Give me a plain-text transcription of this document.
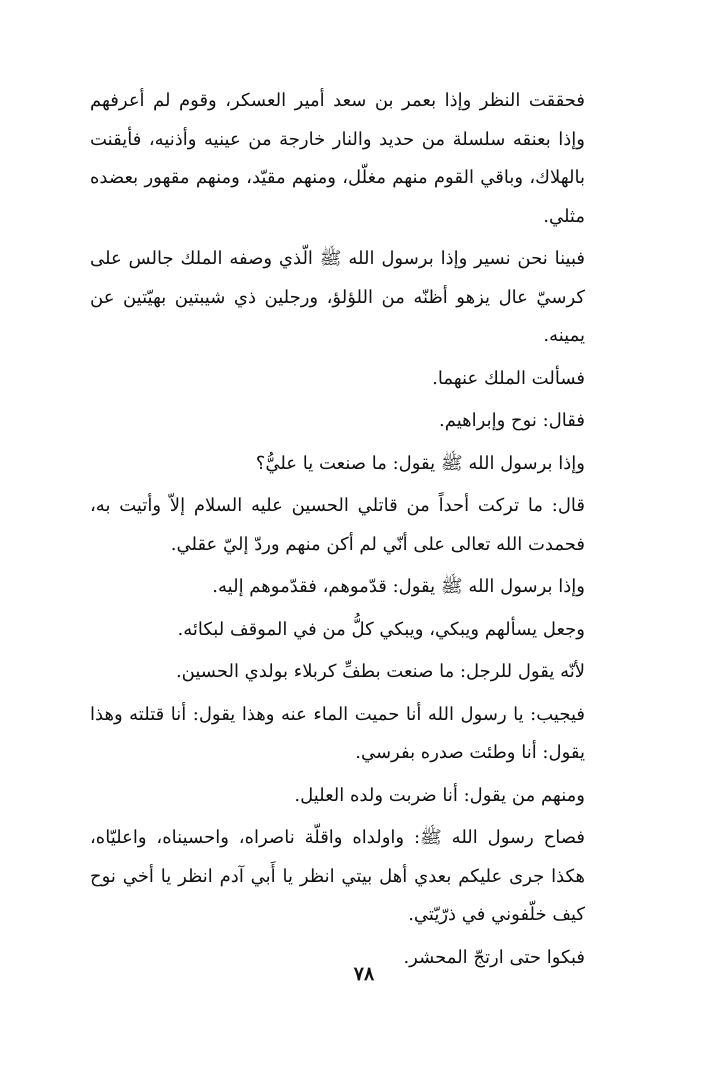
فحققت النظر وإذا بعمر بن سعد أمير العسكر، وقوم لم أعرفهم وإذا بعنقه سلسلة من حديد والنار خارجة من عينيه وأذنيه، فأيقنت بالهلاك، وباقي القوم منهم مغلّل، ومنهم مقيّد، ومنهم مقهور بعضده مثلي.

فبينا نحن نسير وإذا برسول الله ﷺ الّذي وصفه الملك جالس على كرسيّ عال يزهو أظنّه من اللؤلؤ، ورجلين ذي شيبتين بهيّتين عن يمينه.

فسألت الملك عنهما.

فقال: نوح وإبراهيم.

وإذا برسول الله ﷺ يقول: ما صنعت يا عليُّ؟

قال: ما تركت أحداً من قاتلي الحسين عليه السلام إلاّ وأتيت به، فحمدت الله تعالى على أنّي لم أكن منهم وردّ إليّ عقلي.

وإذا برسول الله ﷺ يقول: قدّموهم، فقدّموهم إليه.

وجعل يسألهم ويبكي، ويبكي كلُّ من في الموقف لبكائه.

لأنّه يقول للرجل: ما صنعت بطفِّ كربلاء بولدي الحسين.

فيجيب: يا رسول الله أنا حميت الماء عنه وهذا يقول: أنا قتلته وهذا يقول: أنا وطئت صدره بفرسي.

ومنهم من يقول: أنا ضربت ولده العليل.

فصاح رسول الله ﷺ: واولداه واقلّة ناصراه، واحسيناه، واعليّاه، هكذا جرى عليكم بعدي أهل بيتي انظر يا أَبي آدم انظر يا أخي نوح كيف خلّفوني في ذرّيّتي.

فبكوا حتى ارتجّ المحشر.

٧٨
